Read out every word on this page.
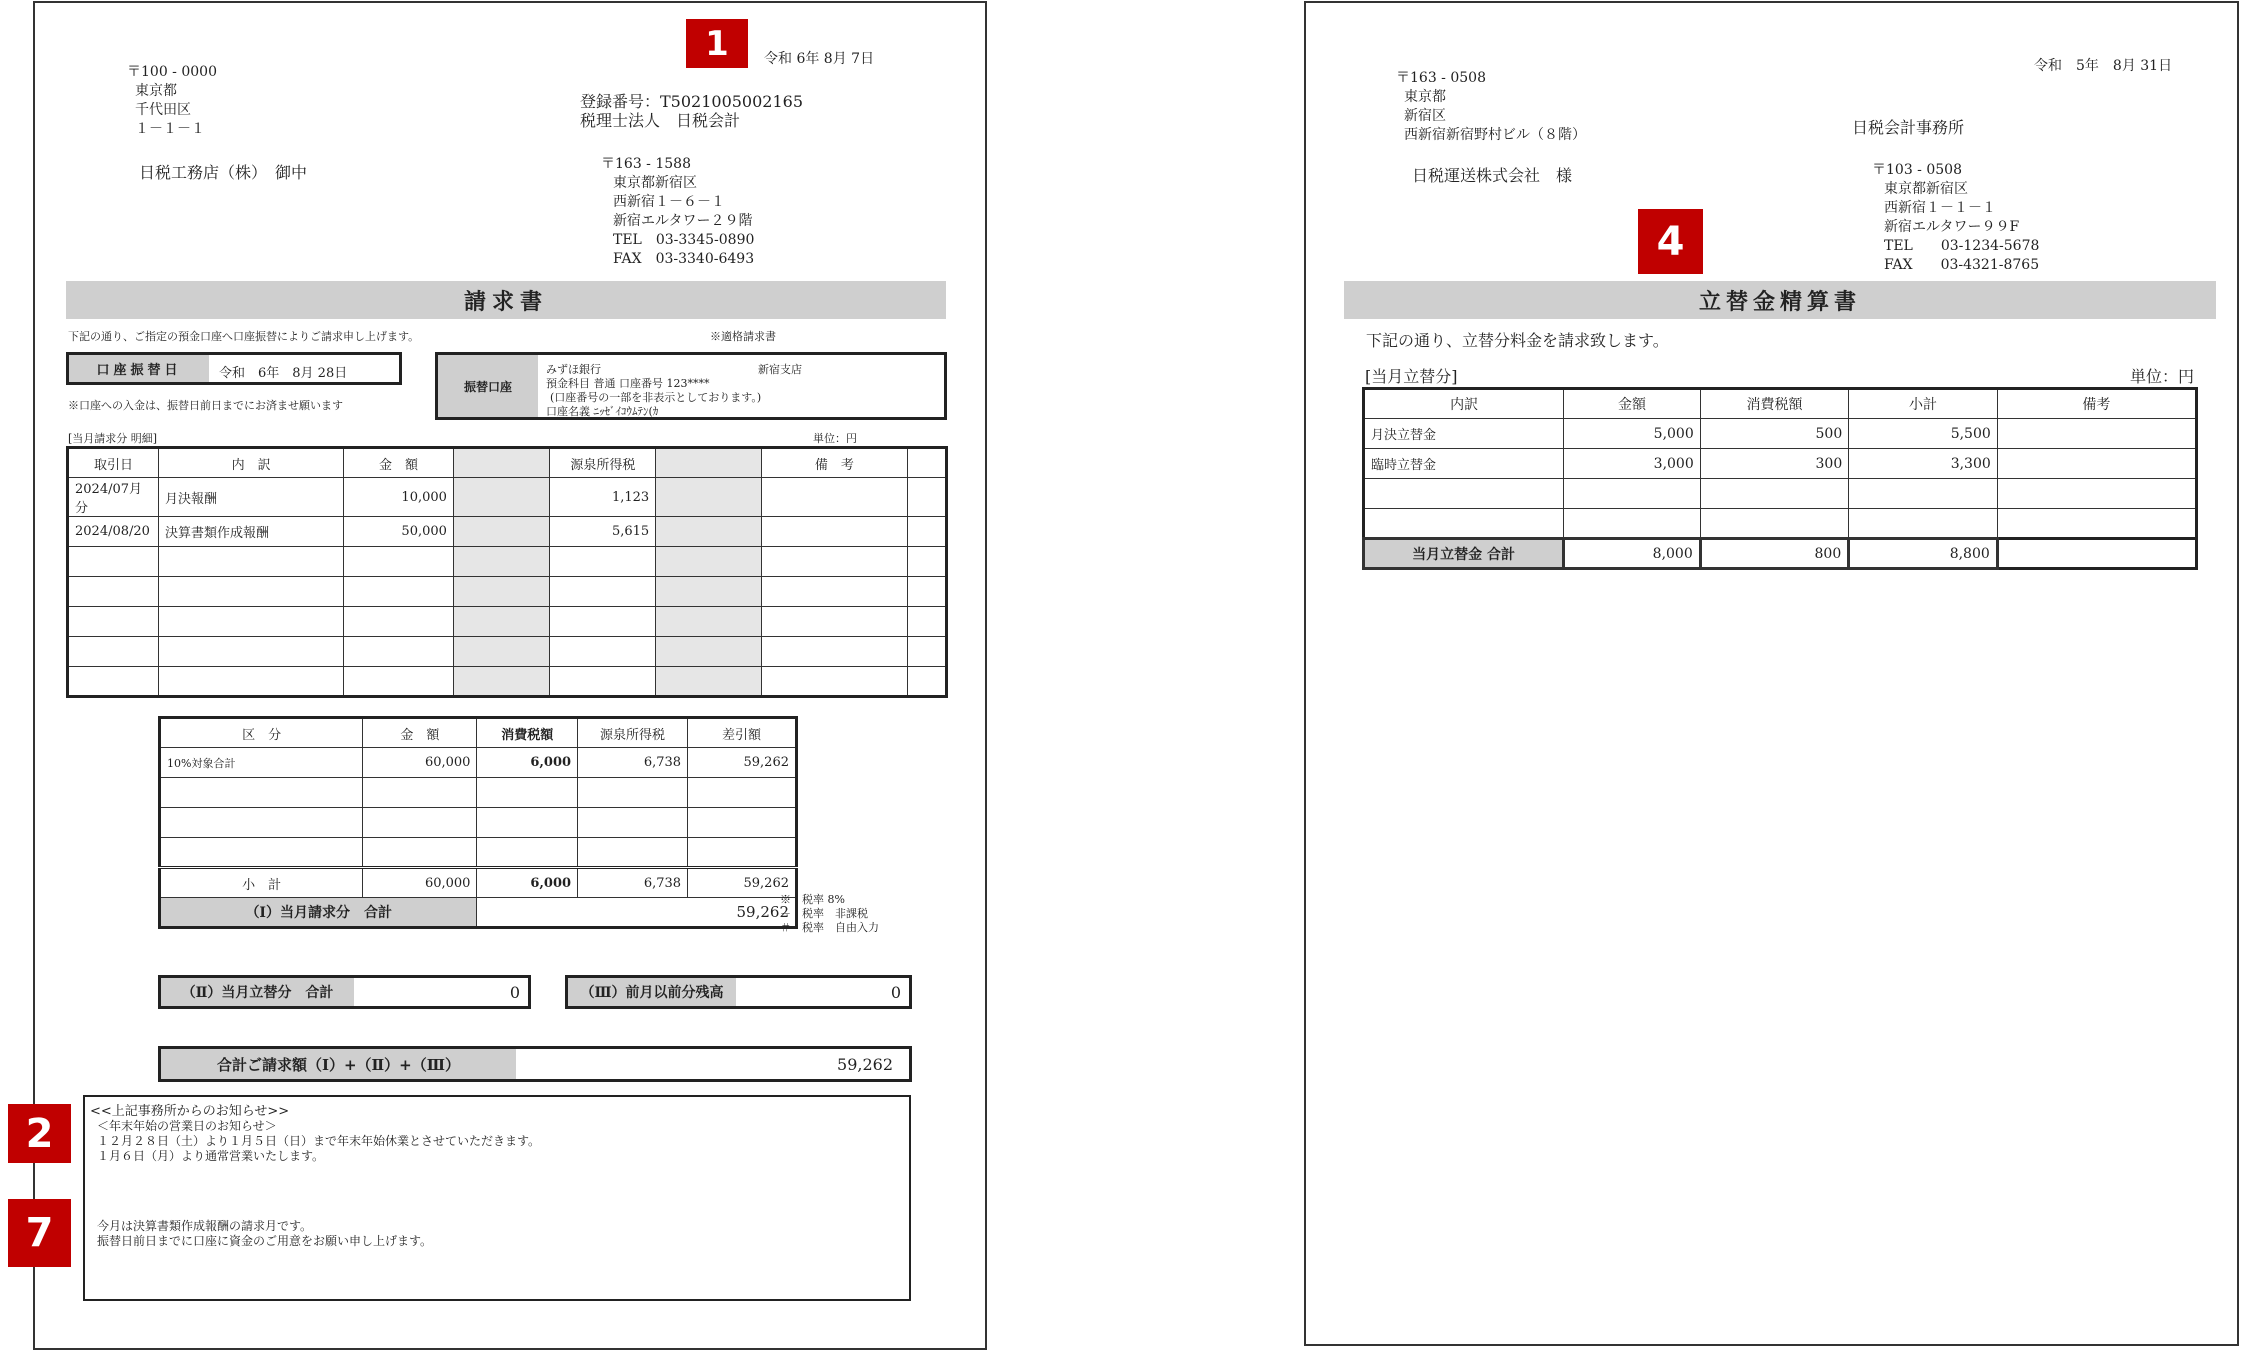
令和 6年 8月 7日
〒100 - 0000
東京都
千代田区
１－１－１
日税工務店（株）　御中
登録番号：T5021005002165
税理士法人　日税会計
〒163 - 1588
東京都新宿区
西新宿１－６－１
新宿エルタワー２９階
TEL　03-3345-0890
FAX　03-3340-6493
請求書
下記の通り、ご指定の預金口座へ口座振替によりご請求申し上げます。	※適格請求書
口座振替日	令和　6年　8月 28日
※口座への入金は、振替日前日までにお済ませ願います
振替口座
みずほ銀行	新宿支店
預金科目 普通 口座番号 123****
(口座番号の一部を非表示としております。)
口座名義 ﾆｯｾﾞｲｺｳﾑﾃﾝ(ｶ
[当月請求分 明細]	単位：円
取引日	内　訳	金　額		源泉所得税		備　考	
2024/07月分	月決報酬	10,000		1,123			
2024/08/20	決算書類作成報酬	50,000		5,615			

区　分	金　額	消費税額	源泉所得税	差引額
10%対象合計	60,000	6,000	6,738	59,262

小　計	60,000	6,000	6,738	59,262
（Ⅰ）当月請求分　合計		59,262		
※　税率 8%
－　税率　非課税
＃　税率　自由入力
（Ⅱ）当月立替分　合計	0	（Ⅲ）前月以前分残高	0
合計ご請求額（Ⅰ）+（Ⅱ）+（Ⅲ）	59,262
<<上記事務所からのお知らせ>>
＜年末年始の営業日のお知らせ＞
１２月２８日（土）より１月５日（日）まで年末年始休業とさせていただきます。
１月６日（月）より通常営業いたします。
今月は決算書類作成報酬の請求月です。
振替日前日までに口座に資金のご用意をお願い申し上げます。
令和　5年　8月 31日
〒163 - 0508
東京都
新宿区
西新宿新宿野村ビル（８階）	日税会計事務所
日税運送株式会社　様	〒103 - 0508
東京都新宿区
西新宿１－１－１
新宿エルタワー９９F
TEL　　03-1234-5678
FAX　　03-4321-8765
立替金精算書
下記の通り、立替分料金を請求致します。
[当月立替分]	単位：円
内訳	金額	消費税額	小計	備考
月決立替金	5,000	500	5,500	
臨時立替金	3,000	300	3,300	

当月立替金 合計	8,000	800	8,800	
1
2
7
4
